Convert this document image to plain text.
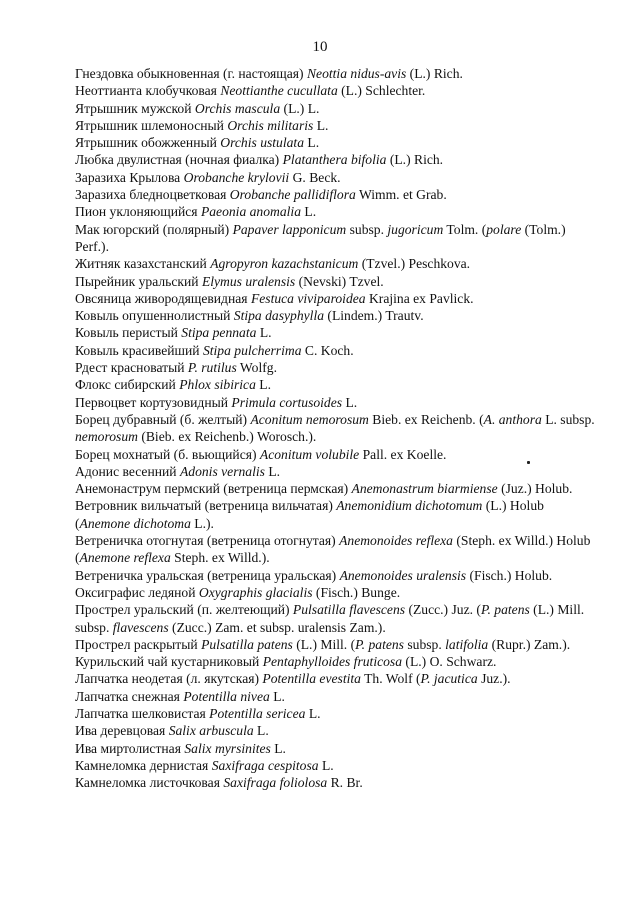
10

Гнездовка обыкновенная (г. настоящая) Neottia nidus-avis (L.) Rich.

Неоттианта клобучковая Neottianthe cucullata (L.) Schlechter.

Ятрышник мужской Orchis mascula (L.) L.

Ятрышник шлемоносный Orchis militaris L.

Ятрышник обожженный Orchis ustulata L.

Любка двулистная (ночная фиалка) Platanthera bifolia (L.) Rich.

Заразиха Крылова Orobanche krylovii G. Beck.

Заразиха бледноцветковая Orobanche pallidiflora Wimm. et Grab.

Пион уклоняющийся Paeonia anomalia L.

Мак югорский (полярный) Papaver lapponicum subsp. jugoricum Tolm. (polare (Tolm.) Perf.).

Житняк казахстанский Agropyron kazachstanicum (Tzvel.) Peschkova.

Пырейник уральский Elymus uralensis (Nevski) Tzvel.

Овсяница живородящевидная Festuca viviparoidea Krajina ex Pavlick.

Ковыль опушеннолистный Stipa dasyphylla (Lindem.) Trautv.

Ковыль перистый Stipa pennata L.

Ковыль красивейший Stipa pulcherrima C. Koch.

Рдест красноватый P. rutilus Wolfg.

Флокс сибирский Phlox sibirica L.

Первоцвет кортузовидный Primula cortusoides L.

Борец дубравный (б. желтый) Aconitum nemorosum Bieb. ex Reichenb. (A. anthora L. subsp. nemorosum (Bieb. ex Reichenb.) Worosch.).

Борец мохнатый (б. вьющийся) Aconitum volubile Pall. ex Koelle.

Адонис весенний Adonis vernalis L.

Анемонаструм пермский (ветреница пермская) Anemonastrum biarmiense (Juz.) Holub.

Ветровник вильчатый (ветреница вильчатая) Anemonidium dichotomum (L.) Holub (Anemone dichotoma L.).

Ветреничка отогнутая (ветреница отогнутая) Anemonoides reflexa (Steph. ex Willd.) Holub (Anemone reflexa Steph. ex Willd.).

Ветреничка уральская (ветреница уральская) Anemonoides uralensis (Fisch.) Holub.

Оксиграфис ледяной Oxygraphis glacialis (Fisch.) Bunge.

Прострел уральский (п. желтеющий) Pulsatilla flavescens (Zucc.) Juz. (P. patens (L.) Mill. subsp. flavescens (Zucc.) Zam. et subsp. uralensis Zam.).

Прострел раскрытый Pulsatilla patens (L.) Mill. (P. patens subsp. latifolia (Rupr.) Zam.).

Курильский чай кустарниковый Pentaphylloides fruticosa (L.) O. Schwarz.

Лапчатка неодетая (л. якутская) Potentilla evestita Th. Wolf (P. jacutica Juz.).

Лапчатка снежная Potentilla nivea L.

Лапчатка шелковистая Potentilla sericea L.

Ива деревцовая Salix arbuscula L.

Ива миртолистная Salix myrsinites L.

Камнеломка дернистая Saxifraga cespitosa L.

Камнеломка листочковая Saxifraga foliolosa R. Br.
